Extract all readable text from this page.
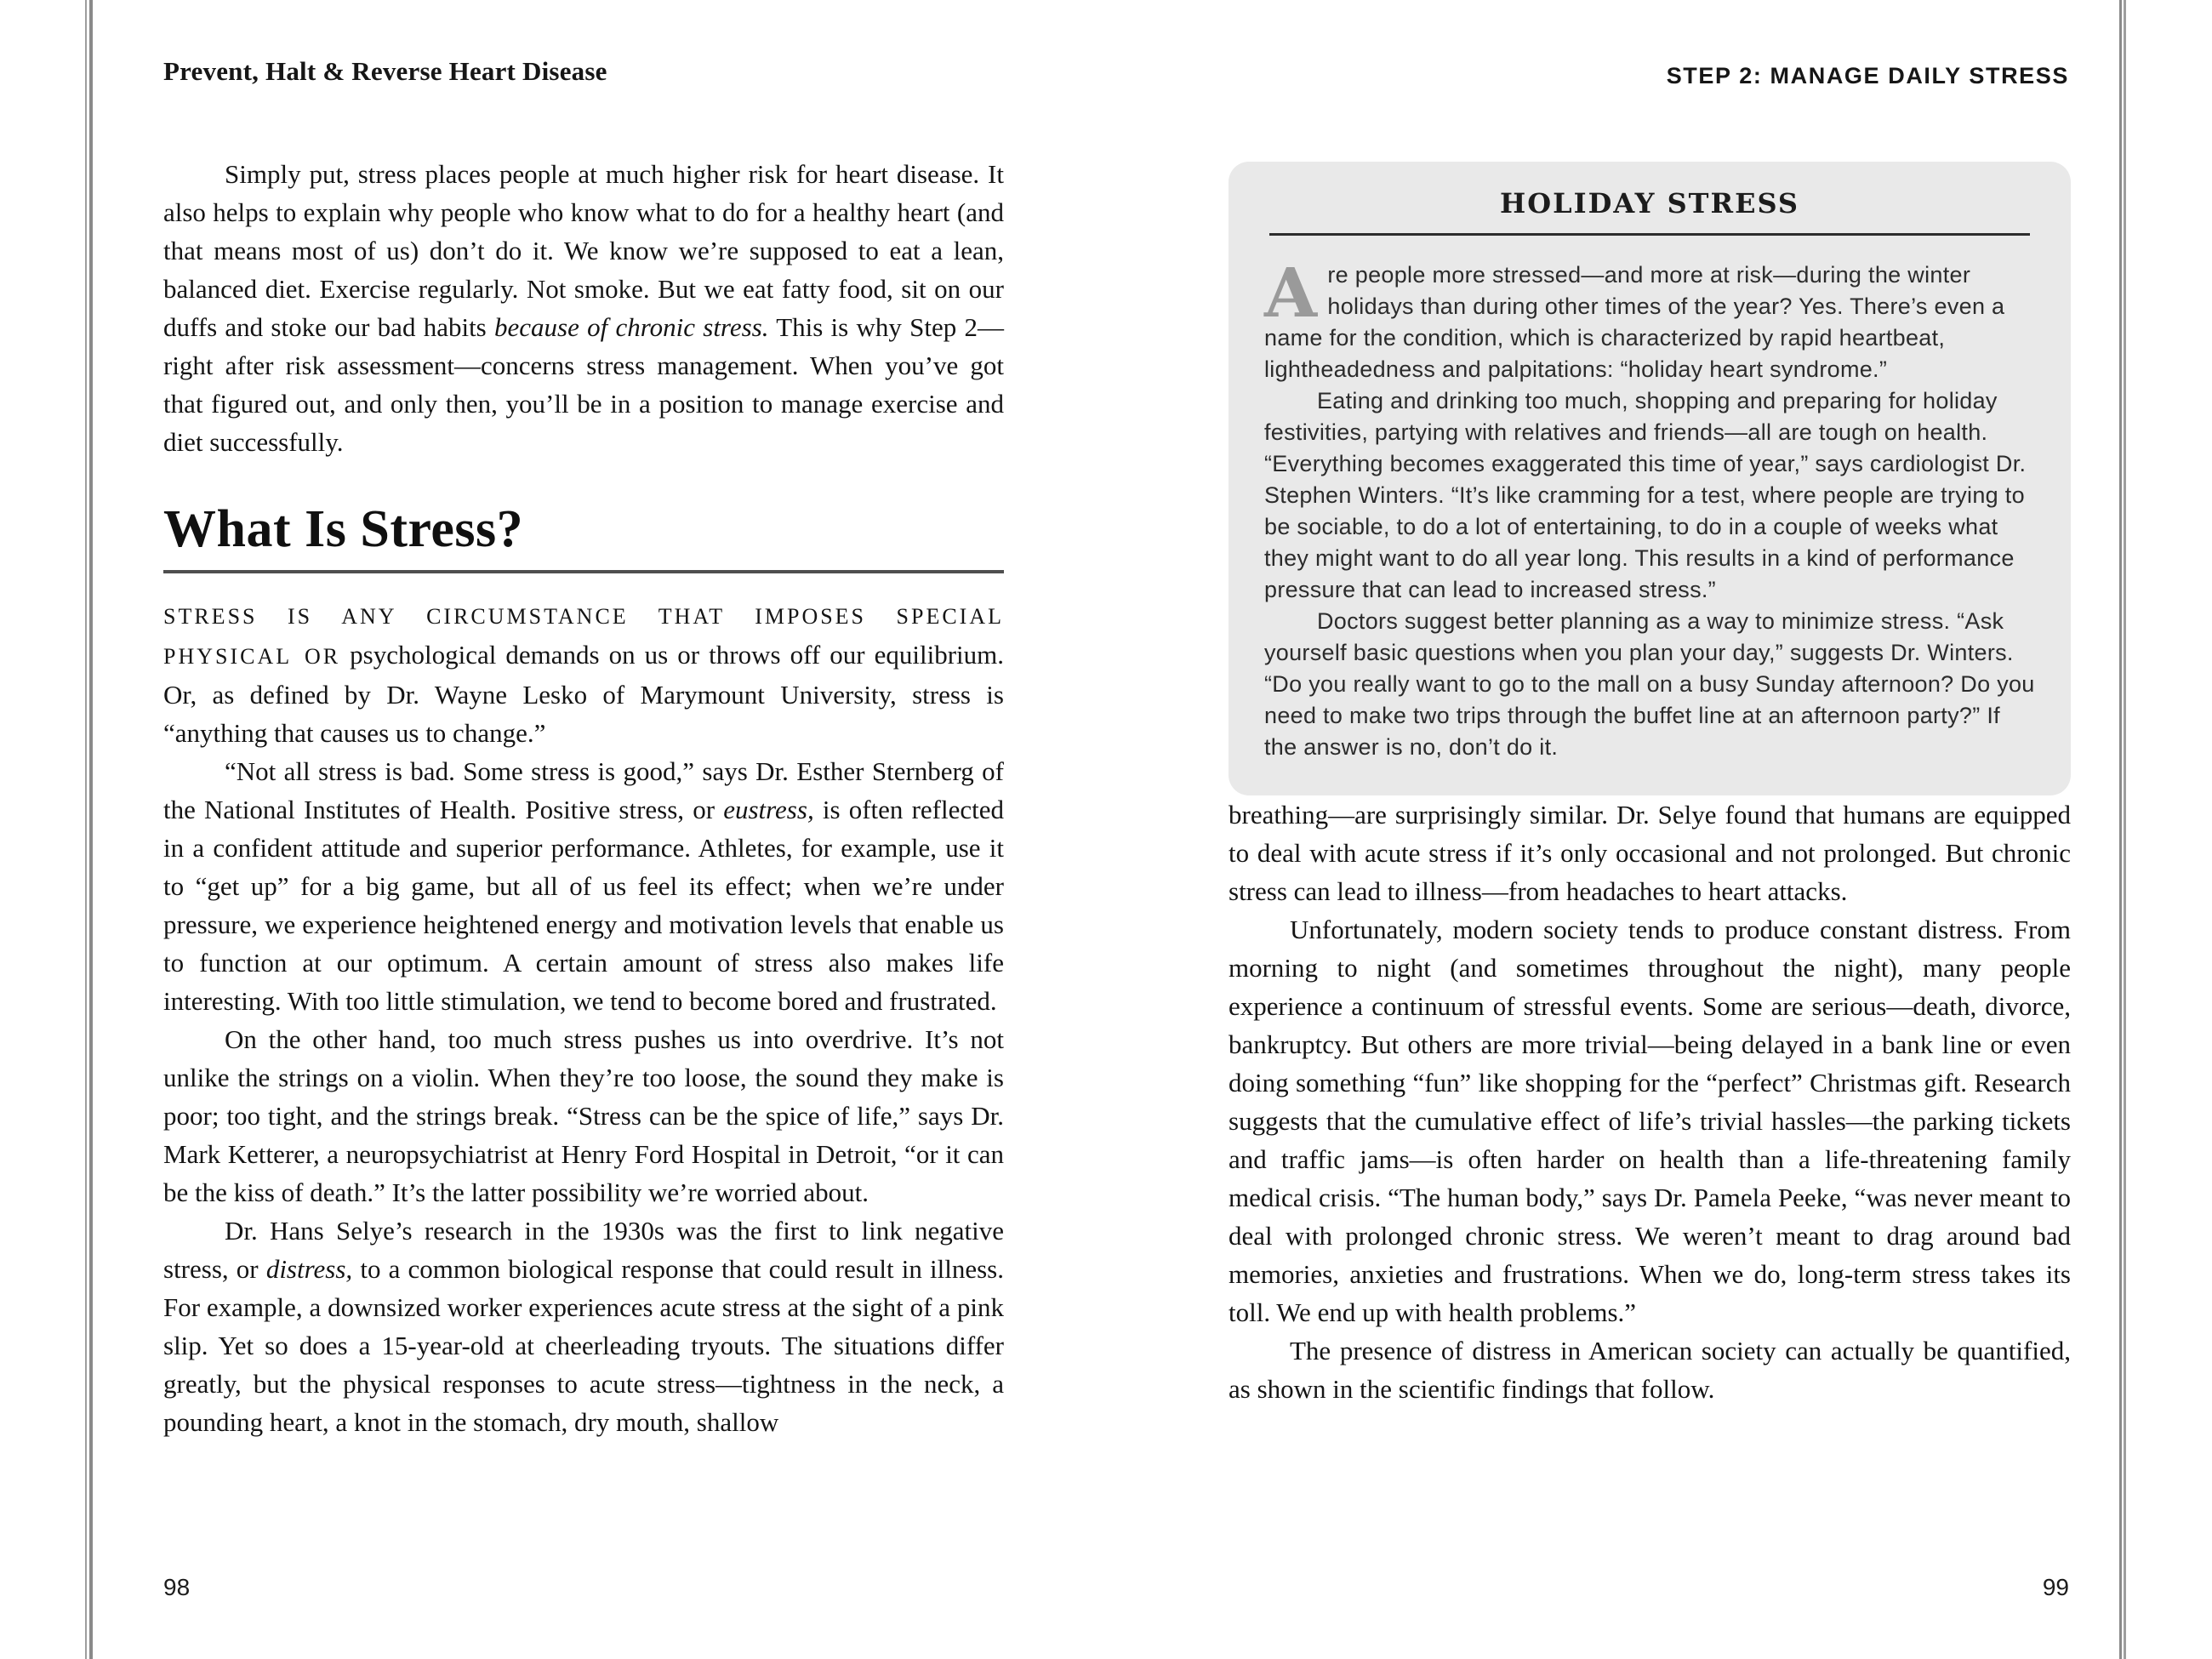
Prevent, Halt & Reverse Heart Disease	STEP 2: MANAGE DAILY STRESS

Simply put, stress places people at much higher risk for heart disease. It also helps to explain why people who know what to do for a healthy heart (and that means most of us) don’t do it. We know we’re supposed to eat a lean, balanced diet. Exercise regularly. Not smoke. But we eat fatty food, sit on our duffs and stoke our bad habits because of chronic stress. This is why Step 2—right after risk assessment—concerns stress management. When you’ve got that figured out, and only then, you’ll be in a position to manage exercise and diet successfully.

What Is Stress?

STRESS IS ANY CIRCUMSTANCE THAT IMPOSES SPECIAL PHYSICAL OR psychological demands on us or throws off our equilibrium. Or, as defined by Dr. Wayne Lesko of Marymount University, stress is “anything that causes us to change.”

“Not all stress is bad. Some stress is good,” says Dr. Esther Sternberg of the National Institutes of Health. Positive stress, or eustress, is often reflected in a confident attitude and superior performance. Athletes, for example, use it to “get up” for a big game, but all of us feel its effect; when we’re under pressure, we experience heightened energy and motivation levels that enable us to function at our optimum. A certain amount of stress also makes life interesting. With too little stimulation, we tend to become bored and frustrated.

On the other hand, too much stress pushes us into overdrive. It’s not unlike the strings on a violin. When they’re too loose, the sound they make is poor; too tight, and the strings break. “Stress can be the spice of life,” says Dr. Mark Ketterer, a neuropsychiatrist at Henry Ford Hospital in Detroit, “or it can be the kiss of death.” It’s the latter possibility we’re worried about.

Dr. Hans Selye’s research in the 1930s was the first to link negative stress, or distress, to a common biological response that could result in illness. For example, a downsized worker experiences acute stress at the sight of a pink slip. Yet so does a 15-year-old at cheerleading tryouts. The situations differ greatly, but the physical responses to acute stress—tightness in the neck, a pounding heart, a knot in the stomach, dry mouth, shallow

HOLIDAY STRESS

Are people more stressed—and more at risk—during the winter holidays than during other times of the year? Yes. There’s even a name for the condition, which is characterized by rapid heartbeat, lightheadedness and palpitations: “holiday heart syndrome.”

Eating and drinking too much, shopping and preparing for holiday festivities, partying with relatives and friends—all are tough on health. “Everything becomes exaggerated this time of year,” says cardiologist Dr. Stephen Winters. “It’s like cramming for a test, where people are trying to be sociable, to do a lot of entertaining, to do in a couple of weeks what they might want to do all year long. This results in a kind of performance pressure that can lead to increased stress.”

Doctors suggest better planning as a way to minimize stress. “Ask yourself basic questions when you plan your day,” suggests Dr. Winters. “Do you really want to go to the mall on a busy Sunday afternoon? Do you need to make two trips through the buffet line at an afternoon party?” If the answer is no, don’t do it.

breathing—are surprisingly similar. Dr. Selye found that humans are equipped to deal with acute stress if it’s only occasional and not prolonged. But chronic stress can lead to illness—from headaches to heart attacks.

Unfortunately, modern society tends to produce constant distress. From morning to night (and sometimes throughout the night), many people experience a continuum of stressful events. Some are serious—death, divorce, bankruptcy. But others are more trivial—being delayed in a bank line or even doing something “fun” like shopping for the “perfect” Christmas gift. Research suggests that the cumulative effect of life’s trivial hassles—the parking tickets and traffic jams—is often harder on health than a life-threatening family medical crisis. “The human body,” says Dr. Pamela Peeke, “was never meant to deal with prolonged chronic stress. We weren’t meant to drag around bad memories, anxieties and frustrations. When we do, long-term stress takes its toll. We end up with health problems.”

The presence of distress in American society can actually be quantified, as shown in the scientific findings that follow.

98	99
